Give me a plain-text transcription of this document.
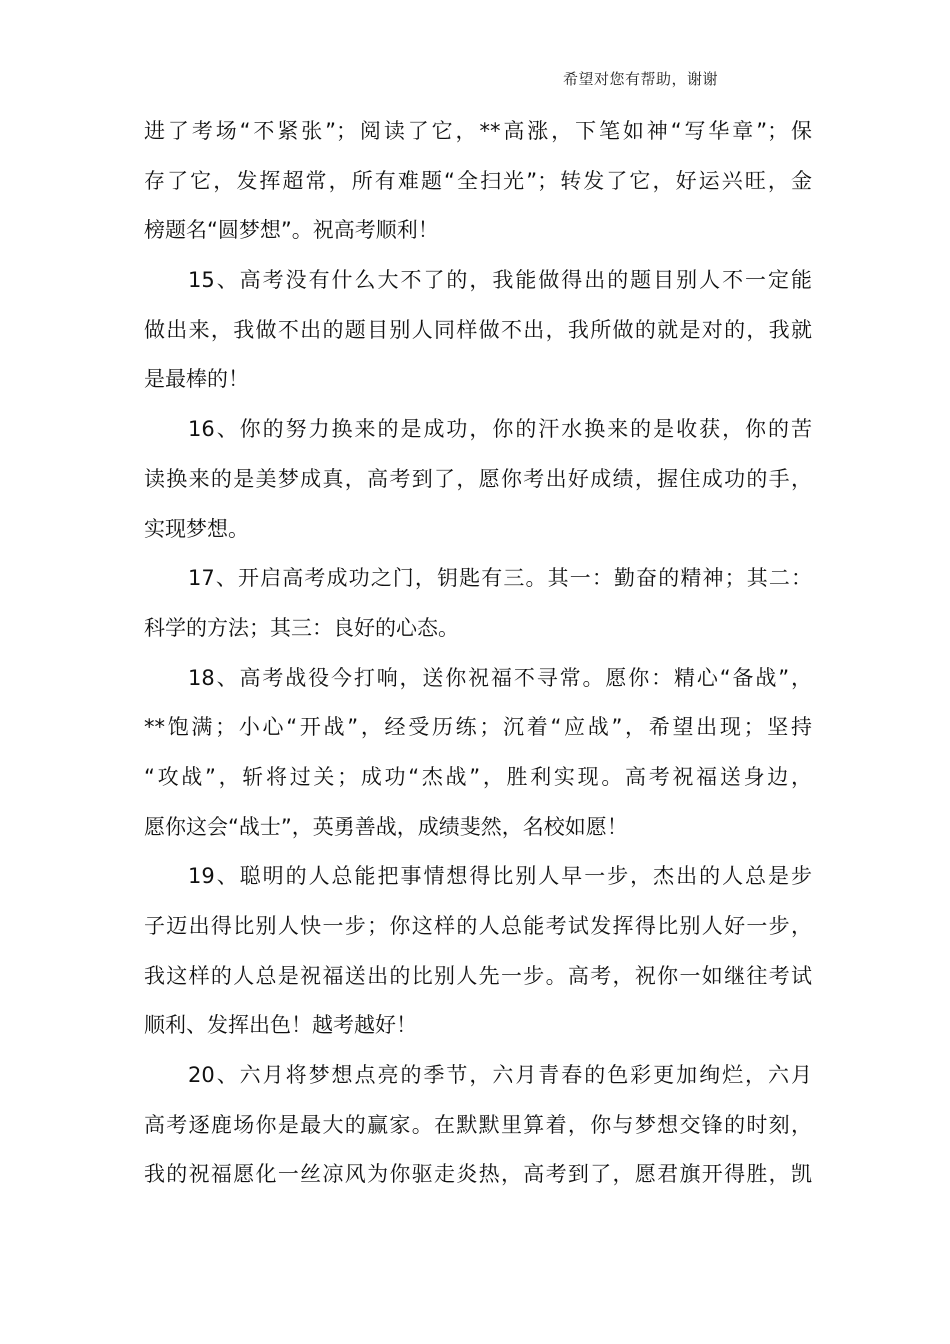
希望对您有帮助，谢谢
进了考场“不紧张”；阅读了它，**高涨，下笔如神“写华章”；保
存了它，发挥超常，所有难题“全扫光”；转发了它，好运兴旺，金
榜题名“圆梦想”。祝高考顺利！
15、高考没有什么大不了的，我能做得出的题目别人不一定能
做出来，我做不出的题目别人同样做不出，我所做的就是对的，我就
是最棒的！
16、你的努力换来的是成功，你的汗水换来的是收获，你的苦
读换来的是美梦成真，高考到了，愿你考出好成绩，握住成功的手，
实现梦想。
17、开启高考成功之门，钥匙有三。其一：勤奋的精神；其二：
科学的方法；其三：良好的心态。
18、高考战役今打响，送你祝福不寻常。愿你：精心“备战”，
**饱满；小心“开战”，经受历练；沉着“应战”，希望出现；坚持
“攻战”，斩将过关；成功“杰战”，胜利实现。高考祝福送身边，
愿你这会“战士”，英勇善战，成绩斐然，名校如愿！
19、聪明的人总能把事情想得比别人早一步，杰出的人总是步
子迈出得比别人快一步；你这样的人总能考试发挥得比别人好一步，
我这样的人总是祝福送出的比别人先一步。高考，祝你一如继往考试
顺利、发挥出色！越考越好！
20、六月将梦想点亮的季节，六月青春的色彩更加绚烂，六月
高考逐鹿场你是最大的赢家。在默默里算着，你与梦想交锋的时刻，
我的祝福愿化一丝凉风为你驱走炎热，高考到了，愿君旗开得胜，凯
